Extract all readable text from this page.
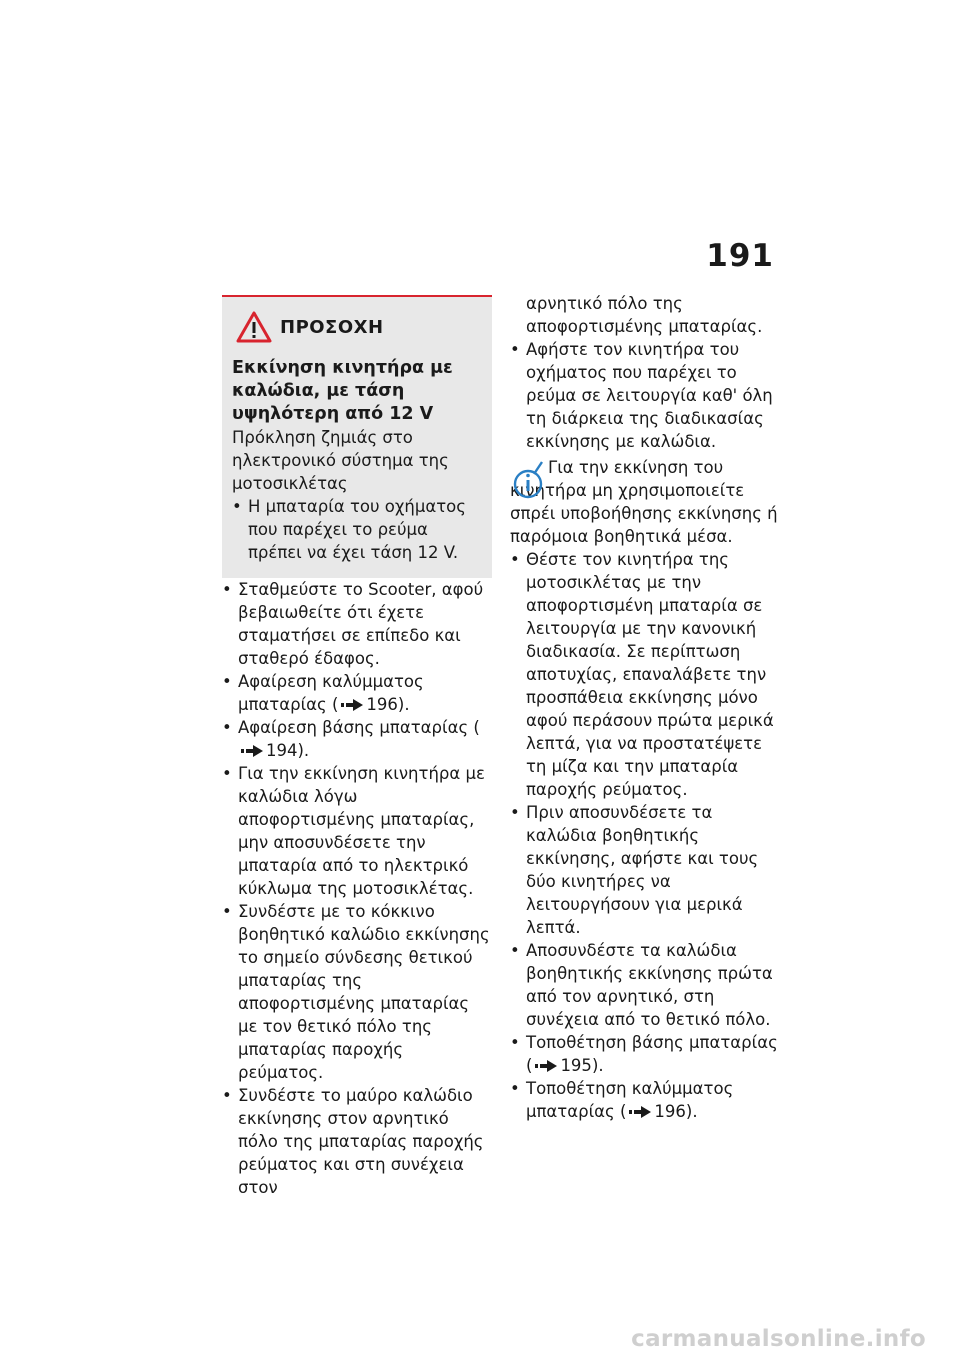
191
ΠΡΟΣΟΧΗ
Εκκίνηση κινητήρα με καλώδια, με τάση υψηλότερη από 12 V
Πρόκληση ζημιάς στο ηλεκτρονικό σύστημα της μοτοσικλέτας
• Η μπαταρία του οχήματος που παρέχει το ρεύμα πρέπει να έχει τάση 12 V.
• Σταθμεύστε το Scooter, αφού βεβαιωθείτε ότι έχετε σταματήσει σε επίπεδο και σταθερό έδαφος.
• Αφαίρεση καλύμματος μπαταρίας ( 196).
• Αφαίρεση βάσης μπαταρίας (194).
• Για την εκκίνηση κινητήρα με καλώδια λόγω αποφορτισμένης μπαταρίας, μην αποσυνδέσετε την μπαταρία από το ηλεκτρικό κύκλωμα της μοτοσικλέτας.
• Συνδέστε με το κόκκινο βοηθητικό καλώδιο εκκίνησης το σημείο σύνδεσης θετικού μπαταρίας της αποφορτισμένης μπαταρίας με τον θετικό πόλο της μπαταρίας παροχής ρεύματος.
• Συνδέστε το μαύρο καλώδιο εκκίνησης στον αρνητικό πόλο της μπαταρίας παροχής ρεύματος και στη συνέχεια στον
αρνητικό πόλο της αποφορτισμένης μπαταρίας.
• Αφήστε τον κινητήρα του οχήματος που παρέχει το ρεύμα σε λειτουργία καθ' όλη τη διάρκεια της διαδικασίας εκκίνησης με καλώδια.
Για την εκκίνηση του κινητήρα μη χρησιμοποιείτε σπρέι υποβοήθησης εκκίνησης ή παρόμοια βοηθητικά μέσα.
• Θέστε τον κινητήρα της μοτοσικλέτας με την αποφορτισμένη μπαταρία σε λειτουργία με την κανονική διαδικασία. Σε περίπτωση αποτυχίας, επαναλάβετε την προσπάθεια εκκίνησης μόνο αφού περάσουν πρώτα μερικά λεπτά, για να προστατέψετε τη μίζα και την μπαταρία παροχής ρεύματος.
• Πριν αποσυνδέσετε τα καλώδια βοηθητικής εκκίνησης, αφήστε και τους δύο κινητήρες να λειτουργήσουν για μερικά λεπτά.
• Αποσυνδέστε τα καλώδια βοηθητικής εκκίνησης πρώτα από τον αρνητικό, στη συνέχεια από το θετικό πόλο.
• Τοποθέτηση βάσης μπαταρίας ( 195).
• Τοποθέτηση καλύμματος μπαταρίας ( 196).
carmanualsonline.info
